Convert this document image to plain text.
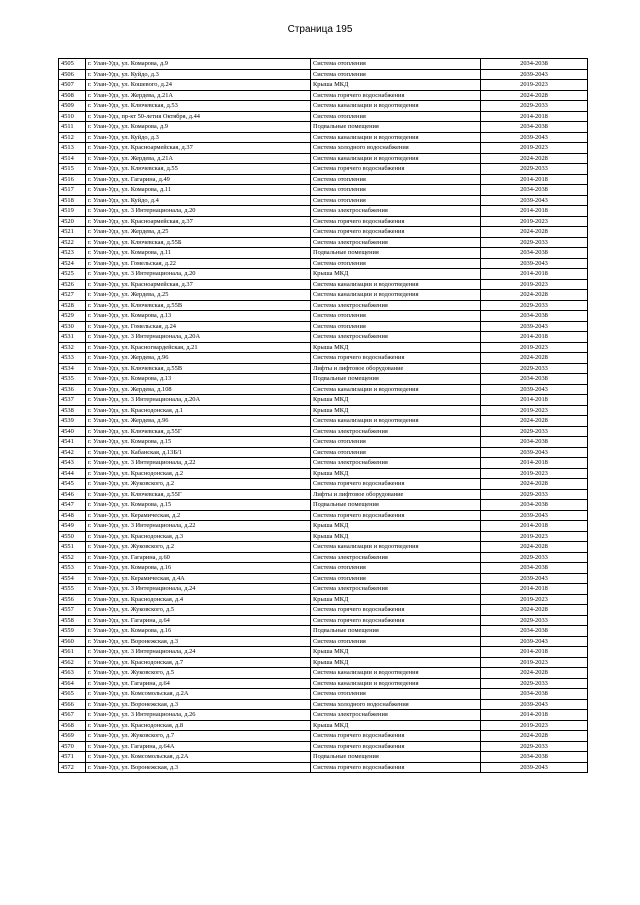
Страница 195
4505	г. Улан-Удэ, ул. Комарова, д.9	Система отопления	2034-2038
4506	г. Улан-Удэ, ул. Куйдо, д.3	Система отопления	2039-2043
4507	г. Улан-Удэ, ул. Кошевого, д.24	Крыша МКД	2019-2023
4508	г. Улан-Удэ, ул. Жердева, д.21А	Система горячего водоснабжения	2024-2028
4509	г. Улан-Удэ, ул. Ключевская, д.53	Система канализации и водоотведения	2029-2033
4510	г. Улан-Удэ, пр-кт 50-летия Октября, д.44	Система отопления	2014-2018
4511	г. Улан-Удэ, ул. Комарова, д.9	Подвальные помещения	2034-2038
4512	г. Улан-Удэ, ул. Куйдо, д.3	Система канализации и водоотведения	2039-2043
4513	г. Улан-Удэ, ул. Красноармейская, д.37	Система холодного водоснабжения	2019-2023
4514	г. Улан-Удэ, ул. Жердева, д.21А	Система канализации и водоотведения	2024-2028
4515	г. Улан-Удэ, ул. Ключевская, д.55	Система горячего водоснабжения	2029-2033
4516	г. Улан-Удэ, ул. Гагарина, д.49	Система отопления	2014-2018
4517	г. Улан-Удэ, ул. Комарова, д.11	Система отопления	2034-2038
4518	г. Улан-Удэ, ул. Куйдо, д.4	Система отопления	2039-2043
4519	г. Улан-Удэ, ул. 3 Интернационала, д.20	Система электроснабжения	2014-2018
4520	г. Улан-Удэ, ул. Красноармейская, д.37	Система горячего водоснабжения	2019-2023
4521	г. Улан-Удэ, ул. Жердева, д.25	Система горячего водоснабжения	2024-2028
4522	г. Улан-Удэ, ул. Ключевская, д.55Б	Система электроснабжения	2029-2033
4523	г. Улан-Удэ, ул. Комарова, д.11	Подвальные помещения	2034-2038
4524	г. Улан-Удэ, ул. Гомельская, д.22	Система отопления	2039-2043
4525	г. Улан-Удэ, ул. 3 Интернационала, д.20	Крыша МКД	2014-2018
4526	г. Улан-Удэ, ул. Красноармейская, д.37	Система канализации и водоотведения	2019-2023
4527	г. Улан-Удэ, ул. Жердева, д.25	Система канализации и водоотведения	2024-2028
4528	г. Улан-Удэ, ул. Ключевская, д.55В	Система электроснабжения	2029-2033
4529	г. Улан-Удэ, ул. Комарова, д.13	Система отопления	2034-2038
4530	г. Улан-Удэ, ул. Гомельская, д.24	Система отопления	2039-2043
4531	г. Улан-Удэ, ул. 3 Интернационала, д.20А	Система электроснабжения	2014-2018
4532	г. Улан-Удэ, ул. Красногвардейская, д.21	Крыша МКД	2019-2023
4533	г. Улан-Удэ, ул. Жердева, д.96	Система горячего водоснабжения	2024-2028
4534	г. Улан-Удэ, ул. Ключевская, д.55В	Лифты и лифтовое оборудование	2029-2033
4535	г. Улан-Удэ, ул. Комарова, д.13	Подвальные помещения	2034-2038
4536	г. Улан-Удэ, ул. Жердева, д.108	Система канализации и водоотведения	2039-2043
4537	г. Улан-Удэ, ул. 3 Интернационала, д.20А	Крыша МКД	2014-2018
4538	г. Улан-Удэ, ул. Краснодонская, д.1	Крыша МКД	2019-2023
4539	г. Улан-Удэ, ул. Жердева, д.96	Система канализации и водоотведения	2024-2028
4540	г. Улан-Удэ, ул. Ключевская, д.55Г	Система электроснабжения	2029-2033
4541	г. Улан-Удэ, ул. Комарова, д.15	Система отопления	2034-2038
4542	г. Улан-Удэ, ул. Кабанская, д.13Б/1	Система отопления	2039-2043
4543	г. Улан-Удэ, ул. 3 Интернационала, д.22	Система электроснабжения	2014-2018
4544	г. Улан-Удэ, ул. Краснодонская, д.2	Крыша МКД	2019-2023
4545	г. Улан-Удэ, ул. Жуковского, д.2	Система горячего водоснабжения	2024-2028
4546	г. Улан-Удэ, ул. Ключевская, д.55Г	Лифты и лифтовое оборудование	2029-2033
4547	г. Улан-Удэ, ул. Комарова, д.15	Подвальные помещения	2034-2038
4548	г. Улан-Удэ, ул. Керамическая, д.2	Система горячего водоснабжения	2039-2043
4549	г. Улан-Удэ, ул. 3 Интернационала, д.22	Крыша МКД	2014-2018
4550	г. Улан-Удэ, ул. Краснодонская, д.3	Крыша МКД	2019-2023
4551	г. Улан-Удэ, ул. Жуковского, д.2	Система канализации и водоотведения	2024-2028
4552	г. Улан-Удэ, ул. Гагарина, д.60	Система электроснабжения	2029-2033
4553	г. Улан-Удэ, ул. Комарова, д.16	Система отопления	2034-2038
4554	г. Улан-Удэ, ул. Керамическая, д.4А	Система отопления	2039-2043
4555	г. Улан-Удэ, ул. 3 Интернационала, д.24	Система электроснабжения	2014-2018
4556	г. Улан-Удэ, ул. Краснодонская, д.4	Крыша МКД	2019-2023
4557	г. Улан-Удэ, ул. Жуковского, д.5	Система горячего водоснабжения	2024-2028
4558	г. Улан-Удэ, ул. Гагарина, д.64	Система горячего водоснабжения	2029-2033
4559	г. Улан-Удэ, ул. Комарова, д.16	Подвальные помещения	2034-2038
4560	г. Улан-Удэ, ул. Воронежская, д.3	Система отопления	2039-2043
4561	г. Улан-Удэ, ул. 3 Интернационала, д.24	Крыша МКД	2014-2018
4562	г. Улан-Удэ, ул. Краснодонская, д.7	Крыша МКД	2019-2023
4563	г. Улан-Удэ, ул. Жуковского, д.5	Система канализации и водоотведения	2024-2028
4564	г. Улан-Удэ, ул. Гагарина, д.64	Система канализации и водоотведения	2029-2033
4565	г. Улан-Удэ, ул. Комсомольская, д.2А	Система отопления	2034-2038
4566	г. Улан-Удэ, ул. Воронежская, д.3	Система холодного водоснабжения	2039-2043
4567	г. Улан-Удэ, ул. 3 Интернационала, д.26	Система электроснабжения	2014-2018
4568	г. Улан-Удэ, ул. Краснодонская, д.8	Крыша МКД	2019-2023
4569	г. Улан-Удэ, ул. Жуковского, д.7	Система горячего водоснабжения	2024-2028
4570	г. Улан-Удэ, ул. Гагарина, д.64А	Система горячего водоснабжения	2029-2033
4571	г. Улан-Удэ, ул. Комсомольская, д.2А	Подвальные помещения	2034-2038
4572	г. Улан-Удэ, ул. Воронежская, д.3	Система горячего водоснабжения	2039-2043
